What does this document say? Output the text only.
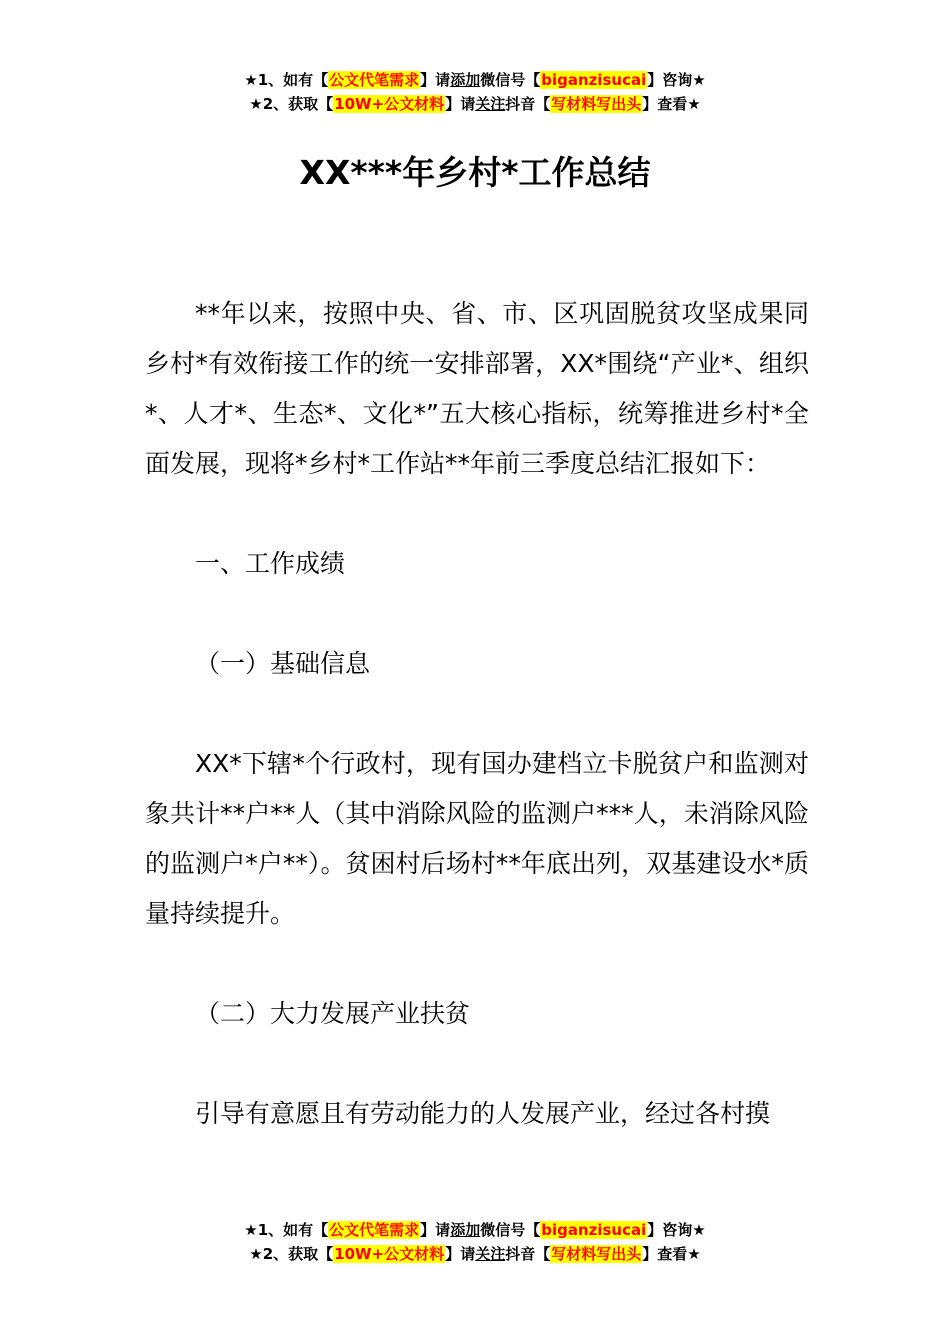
★1、如有【公文代笔需求】请添加微信号【biganzisucai】咨询★
★2、获取【10W+公文材料】请关注抖音【写材料写出头】查看★
XX***年乡村*工作总结

**年以来，按照中央、省、市、区巩固脱贫攻坚成果同乡村*有效衔接工作的统一安排部署，XX*围绕“产业*、组织*、人才*、生态*、文化*”五大核心指标，统筹推进乡村*全面发展，现将*乡村*工作站**年前三季度总结汇报如下：

一、工作成绩

（一）基础信息

XX*下辖*个行政村，现有国办建档立卡脱贫户和监测对象共计**户**人（其中消除风险的监测户***人，未消除风险的监测户*户**）。贫困村后场村**年底出列，双基建设水*质量持续提升。

（二）大力发展产业扶贫

引导有意愿且有劳动能力的人发展产业，经过各村摸

★1、如有【公文代笔需求】请添加微信号【biganzisucai】咨询★
★2、获取【10W+公文材料】请关注抖音【写材料写出头】查看★
